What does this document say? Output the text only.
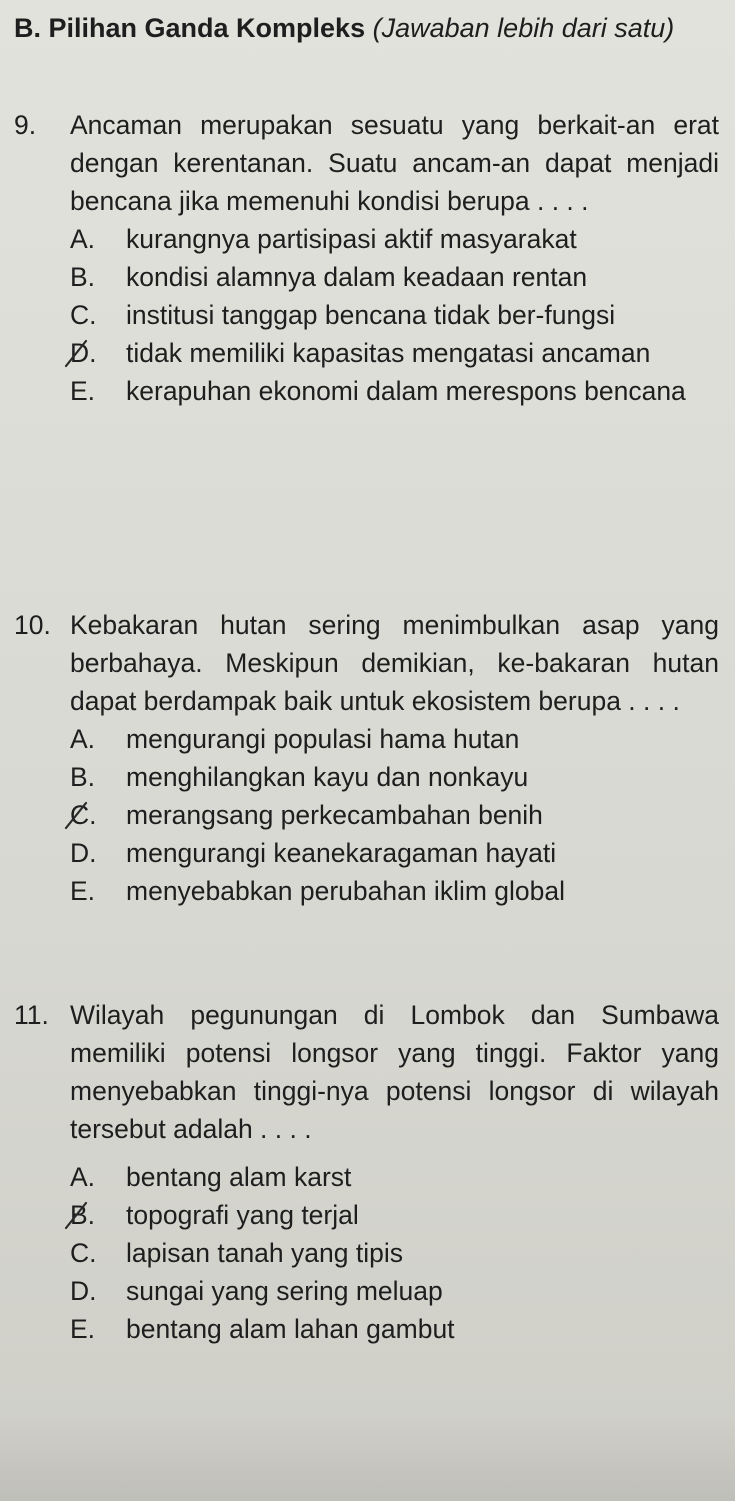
B. Pilihan Ganda Kompleks (Jawaban lebih dari satu)
9. Ancaman merupakan sesuatu yang berkait-an erat dengan kerentanan. Suatu ancam-an dapat menjadi bencana jika memenuhi kondisi berupa . . . .
A. kurangnya partisipasi aktif masyarakat
B. kondisi alamnya dalam keadaan rentan
C. institusi tanggap bencana tidak ber-fungsi
D. tidak memiliki kapasitas mengatasi ancaman
E. kerapuhan ekonomi dalam merespons bencana
10. Kebakaran hutan sering menimbulkan asap yang berbahaya. Meskipun demikian, ke-bakaran hutan dapat berdampak baik untuk ekosistem berupa . . . .
A. mengurangi populasi hama hutan
B. menghilangkan kayu dan nonkayu
C. merangsang perkecambahan benih
D. mengurangi keanekaragaman hayati
E. menyebabkan perubahan iklim global
11. Wilayah pegunungan di Lombok dan Sumbawa memiliki potensi longsor yang tinggi. Faktor yang menyebabkan tinggi-nya potensi longsor di wilayah tersebut adalah . . . .
A. bentang alam karst
B. topografi yang terjal
C. lapisan tanah yang tipis
D. sungai yang sering meluap
E. bentang alam lahan gambut
